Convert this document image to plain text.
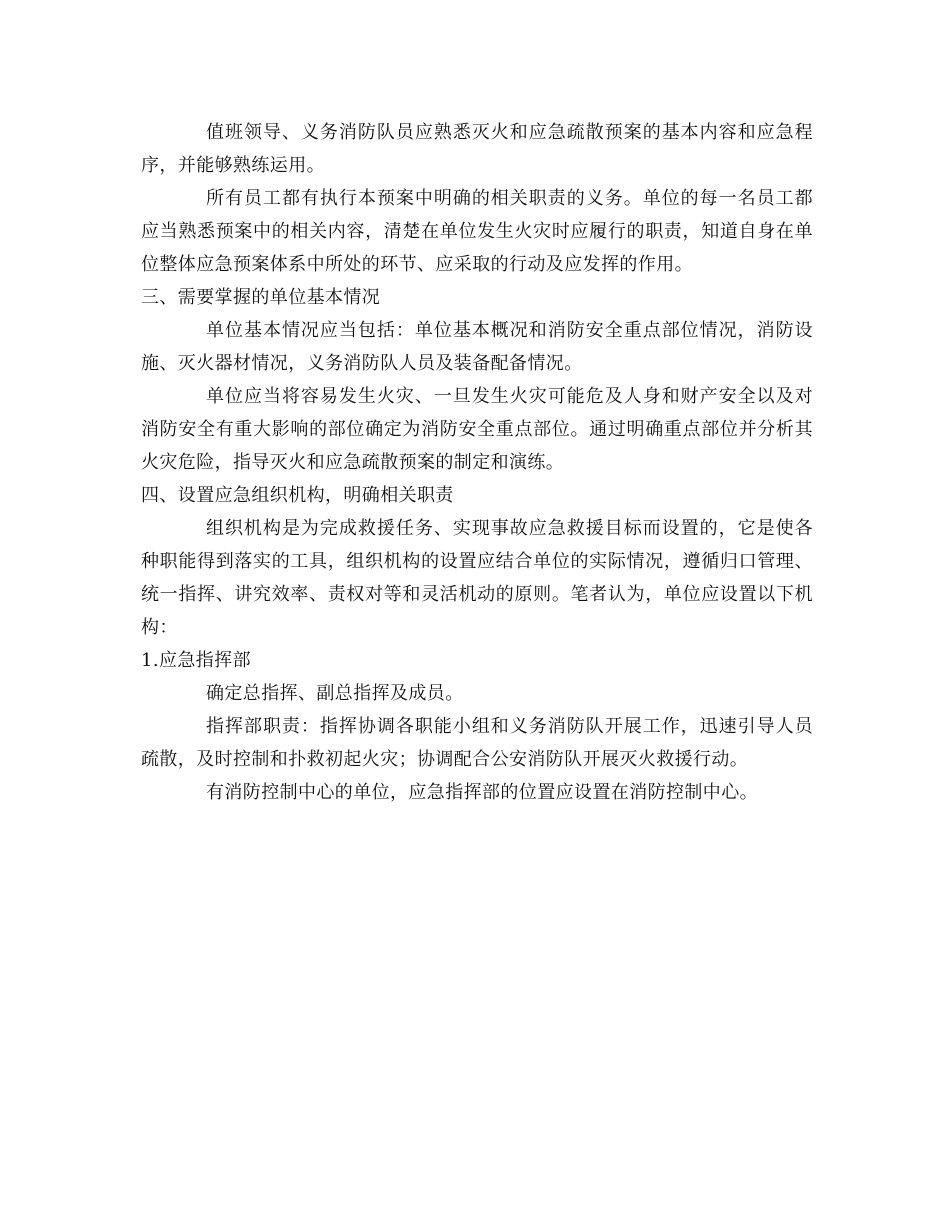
值班领导、义务消防队员应熟悉灭火和应急疏散预案的基本内容和应急程序，并能够熟练运用。

所有员工都有执行本预案中明确的相关职责的义务。单位的每一名员工都应当熟悉预案中的相关内容，清楚在单位发生火灾时应履行的职责，知道自身在单位整体应急预案体系中所处的环节、应采取的行动及应发挥的作用。

三、需要掌握的单位基本情况

单位基本情况应当包括：单位基本概况和消防安全重点部位情况，消防设施、灭火器材情况，义务消防队人员及装备配备情况。

单位应当将容易发生火灾、一旦发生火灾可能危及人身和财产安全以及对消防安全有重大影响的部位确定为消防安全重点部位。通过明确重点部位并分析其火灾危险，指导灭火和应急疏散预案的制定和演练。

四、设置应急组织机构，明确相关职责

组织机构是为完成救援任务、实现事故应急救援目标而设置的，它是使各种职能得到落实的工具，组织机构的设置应结合单位的实际情况，遵循归口管理、统一指挥、讲究效率、责权对等和灵活机动的原则。笔者认为，单位应设置以下机构：

1.应急指挥部

确定总指挥、副总指挥及成员。

指挥部职责：指挥协调各职能小组和义务消防队开展工作，迅速引导人员疏散，及时控制和扑救初起火灾；协调配合公安消防队开展灭火救援行动。

有消防控制中心的单位，应急指挥部的位置应设置在消防控制中心。
